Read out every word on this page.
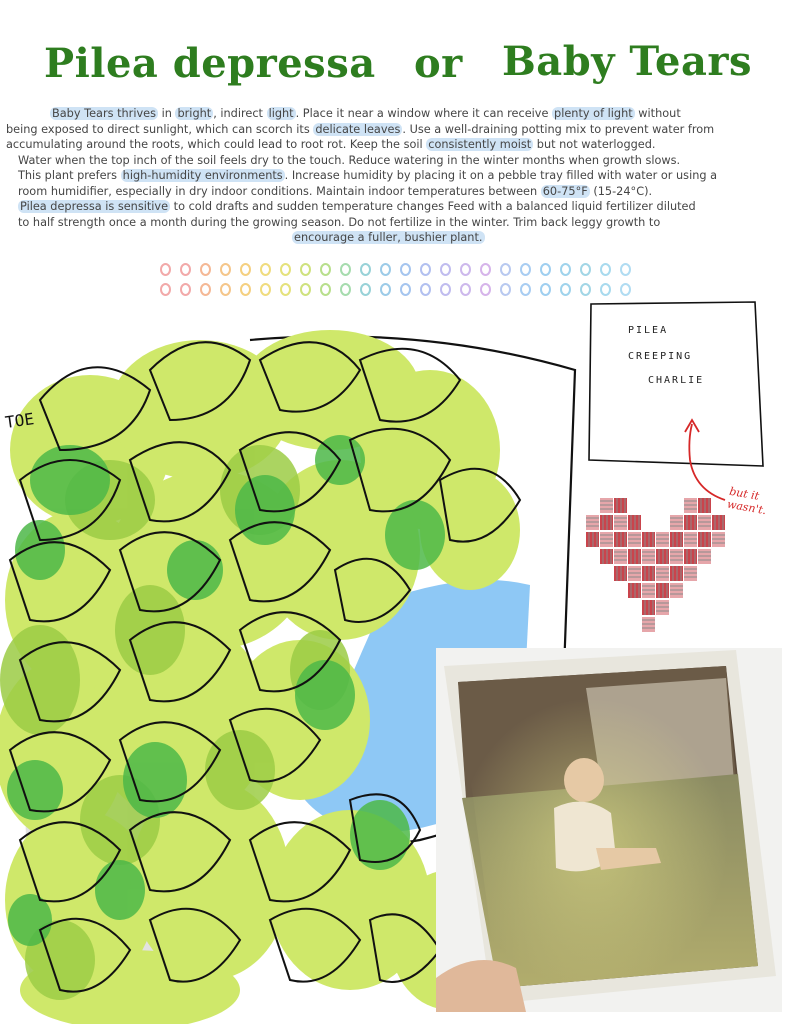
Pilea depressa or Baby Tears
Baby Tears thrives in bright , indirect light . Place it near a window where it can receive plenty of light without
being exposed to direct sunlight, which can scorch its delicate leaves . Use a well-draining potting mix to prevent water from
accumulating around the roots, which could lead to root rot. Keep the soil consistently moist but not waterlogged.
Water when the top inch of the soil feels dry to the touch. Reduce watering in the winter months when growth slows.
This plant prefers high-humidity environments . Increase humidity by placing it on a pebble tray filled with water or using a
room humidifier, especially in dry indoor conditions. Maintain indoor temperatures between 60-75°F (15-24°C).
Pilea depressa is sensitive to cold drafts and sudden temperature changes Feed with a balanced liquid fertilizer diluted
to half strength once a month during the growing season. Do not fertilize in the winter. Trim back leggy growth to
encourage a fuller, bushier plant.
TOE
PILEA
CREEPING
CHARLIE
but it
wasn't.
